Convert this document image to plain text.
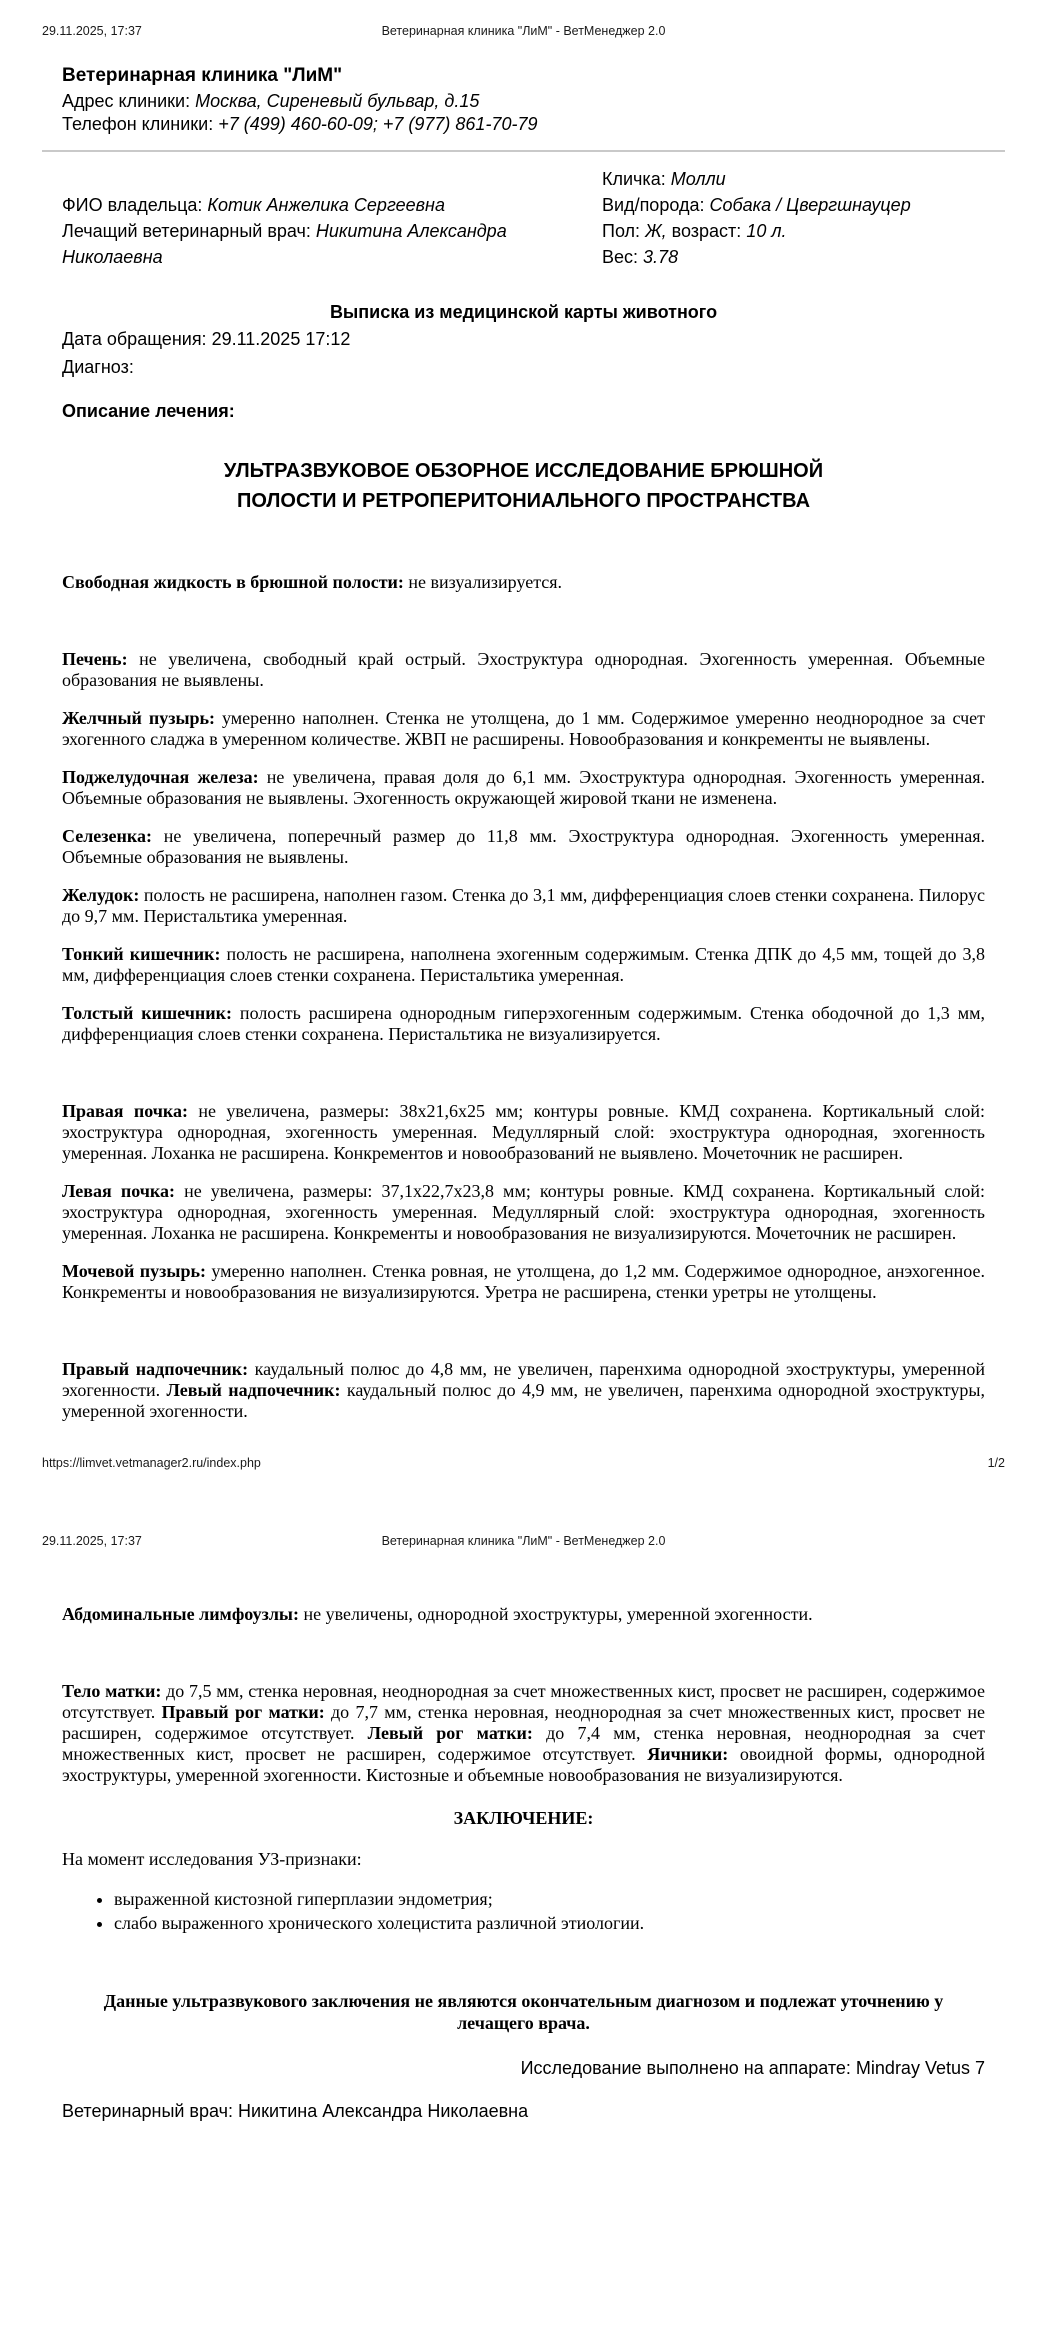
29.11.2025, 17:37	Ветеринарная клиника "ЛиМ" - ВетМенеджер 2.0
Ветеринарная клиника "ЛиМ"
Адрес клиники: Москва, Сиреневый бульвар, д.15
Телефон клиники: +7 (499) 460-60-09; +7 (977) 861-70-79
ФИО владельца: Котик Анжелика Сергеевна
Лечащий ветеринарный врач: Никитина Александра Николаевна
Кличка: Молли
Вид/порода: Собака / Цвергшнауцер
Пол: Ж, возраст: 10 л.
Вес: 3.78
Выписка из медицинской карты животного
Дата обращения: 29.11.2025 17:12
Диагноз:
Описание лечения:
УЛЬТРАЗВУКОВОЕ ОБЗОРНОЕ ИССЛЕДОВАНИЕ БРЮШНОЙ ПОЛОСТИ И РЕТРОПЕРИТОНИАЛЬНОГО ПРОСТРАНСТВА

Свободная жидкость в брюшной полости: не визуализируется.

Печень: не увеличена, свободный край острый. Эхоструктура однородная. Эхогенность умеренная. Объемные образования не выявлены.

Желчный пузырь: умеренно наполнен. Стенка не утолщена, до 1 мм. Содержимое умеренно неоднородное за счет эхогенного сладжа в умеренном количестве. ЖВП не расширены. Новообразования и конкременты не выявлены.

Поджелудочная железа: не увеличена, правая доля до 6,1 мм. Эхоструктура однородная. Эхогенность умеренная. Объемные образования не выявлены. Эхогенность окружающей жировой ткани не изменена.

Селезенка: не увеличена, поперечный размер до 11,8 мм. Эхоструктура однородная. Эхогенность умеренная. Объемные образования не выявлены.

Желудок: полость не расширена, наполнен газом. Стенка до 3,1 мм, дифференциация слоев стенки сохранена. Пилорус до 9,7 мм. Перистальтика умеренная.

Тонкий кишечник: полость не расширена, наполнена эхогенным содержимым. Стенка ДПК до 4,5 мм, тощей до 3,8 мм, дифференциация слоев стенки сохранена. Перистальтика умеренная.

Толстый кишечник: полость расширена однородным гиперэхогенным содержимым. Стенка ободочной до 1,3 мм, дифференциация слоев стенки сохранена. Перистальтика не визуализируется.

Правая почка: не увеличена, размеры: 38х21,6х25 мм; контуры ровные. КМД сохранена. Кортикальный слой: эхоструктура однородная, эхогенность умеренная. Медуллярный слой: эхоструктура однородная, эхогенность умеренная. Лоханка не расширена. Конкрементов и новообразований не выявлено. Мочеточник не расширен.

Левая почка: не увеличена, размеры: 37,1х22,7х23,8 мм; контуры ровные. КМД сохранена. Кортикальный слой: эхоструктура однородная, эхогенность умеренная. Медуллярный слой: эхоструктура однородная, эхогенность умеренная. Лоханка не расширена. Конкременты и новообразования не визуализируются. Мочеточник не расширен.

Мочевой пузырь: умеренно наполнен. Стенка ровная, не утолщена, до 1,2 мм. Содержимое однородное, анэхогенное. Конкременты и новообразования не визуализируются. Уретра не расширена, стенки уретры не утолщены.

Правый надпочечник: каудальный полюс до 4,8 мм, не увеличен, паренхима однородной эхоструктуры, умеренной эхогенности. Левый надпочечник: каудальный полюс до 4,9 мм, не увеличен, паренхима однородной эхоструктуры, умеренной эхогенности.

https://limvet.vetmanager2.ru/index.php	1/2
29.11.2025, 17:37	Ветеринарная клиника "ЛиМ" - ВетМенеджер 2.0

Абдоминальные лимфоузлы: не увеличены, однородной эхоструктуры, умеренной эхогенности.

Тело матки: до 7,5 мм, стенка неровная, неоднородная за счет множественных кист, просвет не расширен, содержимое отсутствует. Правый рог матки: до 7,7 мм, стенка неровная, неоднородная за счет множественных кист, просвет не расширен, содержимое отсутствует. Левый рог матки: до 7,4 мм, стенка неровная, неоднородная за счет множественных кист, просвет не расширен, содержимое отсутствует. Яичники: овоидной формы, однородной эхоструктуры, умеренной эхогенности. Кистозные и объемные новообразования не визуализируются.

ЗАКЛЮЧЕНИЕ:
На момент исследования УЗ-признаки:
• выраженной кистозной гиперплазии эндометрия;
• слабо выраженного хронического холецистита различной этиологии.
Данные ультразвукового заключения не являются окончательным диагнозом и подлежат уточнению у лечащего врача.
Исследование выполнено на аппарате: Mindray Vetus 7
Ветеринарный врач: Никитина Александра Николаевна
